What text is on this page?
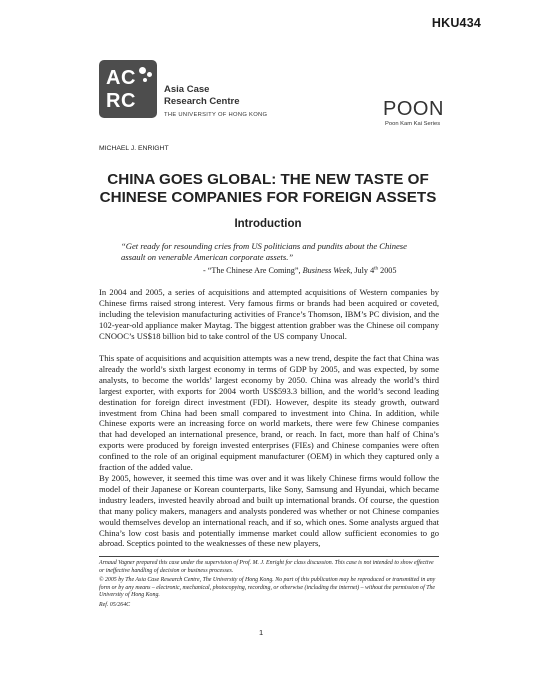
HKU434
A C
R C
Asia Case
Research Centre
THE UNIVERSITY OF HONG KONG	POON
Poon Kam Kai Series
MICHAEL J. ENRIGHT
CHINA GOES GLOBAL: THE NEW TASTE OF
CHINESE COMPANIES FOR FOREIGN ASSETS
Introduction
“Get ready for resounding cries from US politicians and pundits about the Chinese assault on venerable American corporate assets.”
- “The Chinese Are Coming”, Business Week, July 4th 2005
In 2004 and 2005, a series of acquisitions and attempted acquisitions of Western companies by Chinese firms raised strong interest. Very famous firms or brands had been acquired or coveted, including the television manufacturing activities of France’s Thomson, IBM’s PC division, and the 102-year-old appliance maker Maytag. The biggest attention grabber was the Chinese oil company CNOOC’s US$18 billion bid to take control of the US company Unocal.
This spate of acquisitions and acquisition attempts was a new trend, despite the fact that China was already the world’s sixth largest economy in terms of GDP by 2005, and was expected, by some analysts, to become the worlds’ largest economy by 2050. China was already the world’s third largest exporter, with exports for 2004 worth US$593.3 billion, and the world’s second leading destination for foreign direct investment (FDI). However, despite its steady growth, outward investment from China had been small compared to investment into China. In addition, while Chinese exports were an increasing force on world markets, there were few Chinese companies that had developed an international presence, brand, or reach. In fact, more than half of China’s exports were produced by foreign invested enterprises (FIEs) and Chinese companies were often confined to the role of an original equipment manufacturer (OEM) in which they captured only a fraction of the added value.
By 2005, however, it seemed this time was over and it was likely Chinese firms would follow the model of their Japanese or Korean counterparts, like Sony, Samsung and Hyundai, which became industry leaders, invested heavily abroad and built up international brands. Of course, the question that many policy makers, managers and analysts pondered was whether or not Chinese companies would themselves develop an international reach, and if so, which ones. Some analysts argued that China’s low cost basis and potentially immense market could allow sufficient economies to go abroad. Sceptics pointed to the weaknesses of these new players,
Arnaud Vagner prepared this case under the supervision of Prof. M. J. Enright for class discussion. This case is not intended to show effective or ineffective handling of decision or business processes.
© 2005 by The Asia Case Research Centre, The University of Hong Kong. No part of this publication may be reproduced or transmitted in any form or by any means – electronic, mechanical, photocopying, recording, or otherwise (including the internet) – without the permission of The University of Hong Kong.
Ref. 05/264C
1
